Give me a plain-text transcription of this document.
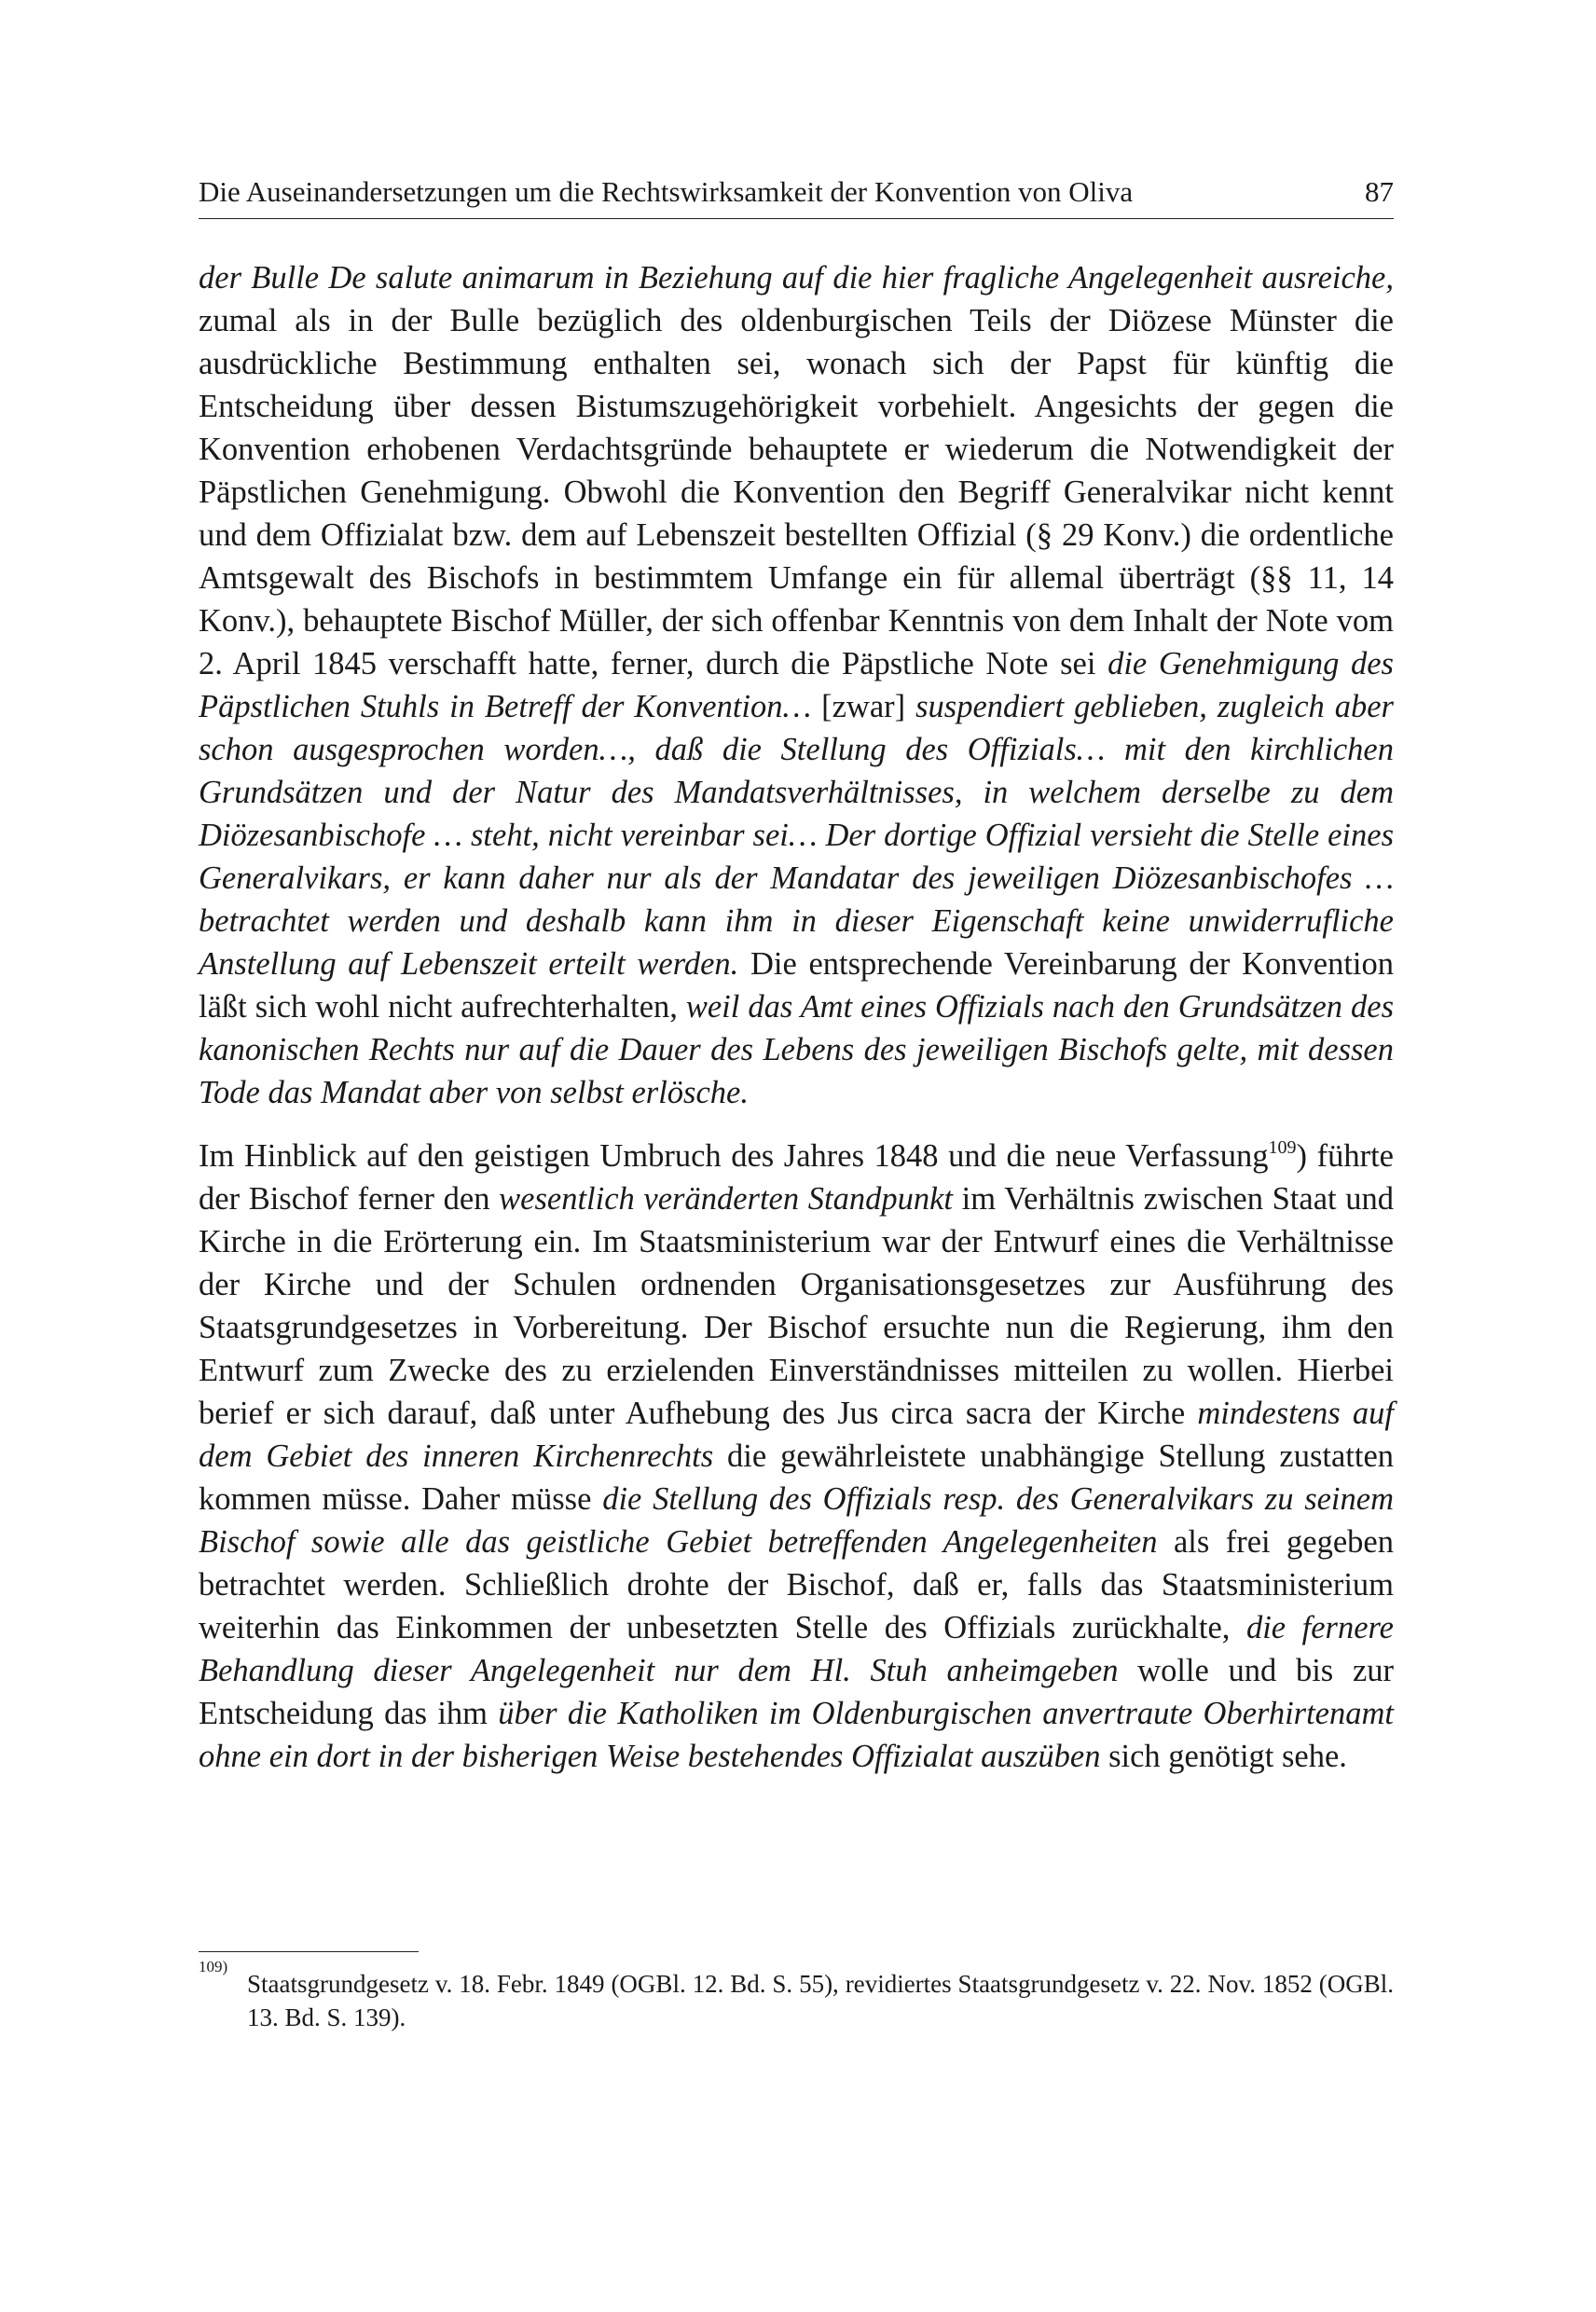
Die Auseinandersetzungen um die Rechtswirksamkeit der Konvention von Oliva	87

der Bulle De salute animarum in Beziehung auf die hier fragliche Angelegenheit ausreiche, zumal als in der Bulle bezüglich des oldenburgischen Teils der Diözese Münster die ausdrückliche Bestimmung enthalten sei, wonach sich der Papst für künftig die Entscheidung über dessen Bistumszugehörigkeit vorbehielt. Angesichts der gegen die Konvention erhobenen Verdachtsgründe behauptete er wiederum die Notwendigkeit der Päpstlichen Genehmigung. Obwohl die Konvention den Begriff Generalvikar nicht kennt und dem Offizialat bzw. dem auf Lebenszeit bestellten Offizial (§ 29 Konv.) die ordentliche Amtsgewalt des Bischofs in bestimmtem Umfange ein für allemal überträgt (§§ 11, 14 Konv.), behauptete Bischof Müller, der sich offenbar Kenntnis von dem Inhalt der Note vom 2. April 1845 verschafft hatte, ferner, durch die Päpstliche Note sei die Genehmigung des Päpstlichen Stuhls in Betreff der Konvention… [zwar] suspendiert geblieben, zugleich aber schon ausgesprochen worden…, daß die Stellung des Offizials… mit den kirchlichen Grundsätzen und der Natur des Mandatsverhältnisses, in welchem derselbe zu dem Diözesanbischofe … steht, nicht vereinbar sei… Der dortige Offizial versieht die Stelle eines Generalvikars, er kann daher nur als der Mandatar des jeweiligen Diözesanbischofes … betrachtet werden und deshalb kann ihm in dieser Eigenschaft keine unwiderrufliche Anstellung auf Lebenszeit erteilt werden. Die entsprechende Vereinbarung der Konvention läßt sich wohl nicht aufrechterhalten, weil das Amt eines Offizials nach den Grundsätzen des kanonischen Rechts nur auf die Dauer des Lebens des jeweiligen Bischofs gelte, mit dessen Tode das Mandat aber von selbst erlösche.

Im Hinblick auf den geistigen Umbruch des Jahres 1848 und die neue Verfassung$^{109}$) führte der Bischof ferner den wesentlich veränderten Standpunkt im Verhältnis zwischen Staat und Kirche in die Erörterung ein. Im Staatsministerium war der Entwurf eines die Verhältnisse der Kirche und der Schulen ordnenden Organisationsgesetzes zur Ausführung des Staatsgrundgesetzes in Vorbereitung. Der Bischof ersuchte nun die Regierung, ihm den Entwurf zum Zwecke des zu erzielenden Einverständnisses mitteilen zu wollen. Hierbei berief er sich darauf, daß unter Aufhebung des Jus circa sacra der Kirche mindestens auf dem Gebiet des inneren Kirchenrechts die gewährleistete unabhängige Stellung zustatten kommen müsse. Daher müsse die Stellung des Offizials resp. des Generalvikars zu seinem Bischof sowie alle das geistliche Gebiet betreffenden Angelegenheiten als frei gegeben betrachtet werden. Schließlich drohte der Bischof, daß er, falls das Staatsministerium weiterhin das Einkommen der unbesetzten Stelle des Offizials zurückhalte, die fernere Behandlung dieser Angelegenheit nur dem Hl. Stuh anheimgeben wolle und bis zur Entscheidung das ihm über die Katholiken im Oldenburgischen anvertraute Oberhirtenamt ohne ein dort in der bisherigen Weise bestehendes Offizialat auszüben sich genötigt sehe.

109)
Staatsgrundgesetz v. 18. Febr. 1849 (OGBl. 12. Bd. S. 55), revidiertes Staatsgrundgesetz v. 22. Nov. 1852 (OGBl. 13. Bd. S. 139).
